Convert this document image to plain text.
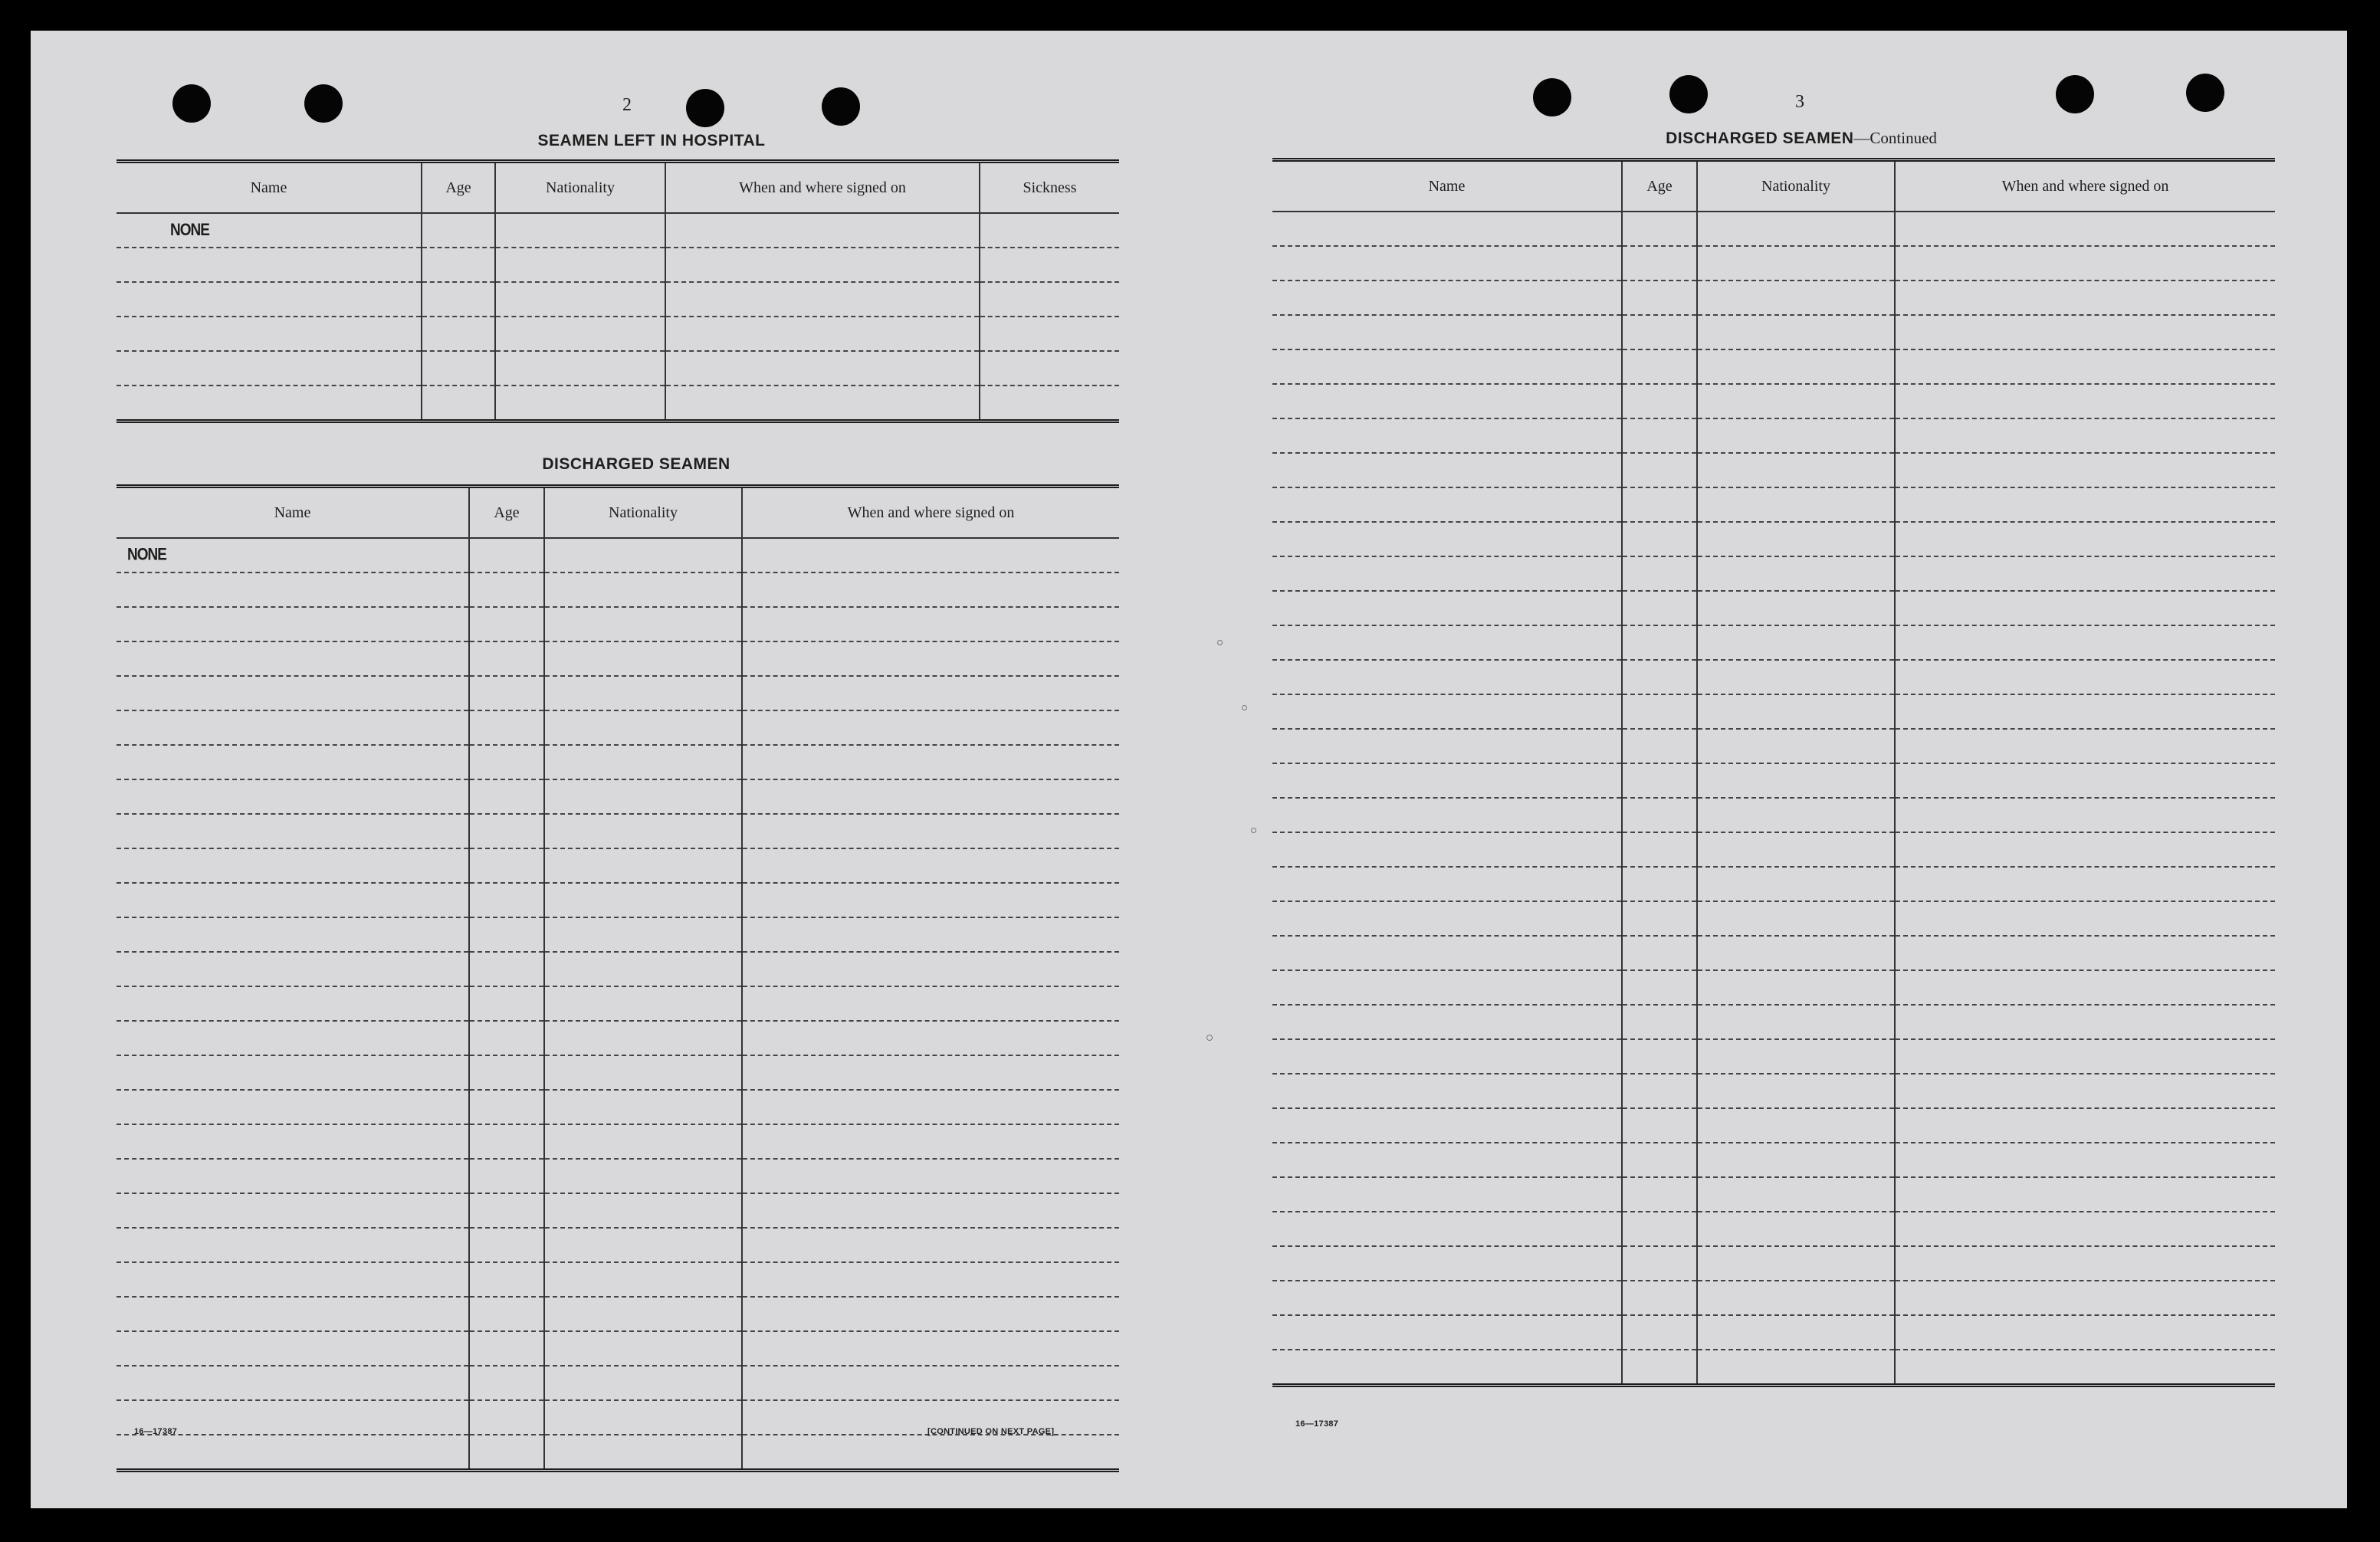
2
SEAMEN LEFT IN HOSPITAL
Name	Age	Nationality	When and where signed on	Sickness
NONE				

DISCHARGED SEAMEN
Name	Age	Nationality	When and where signed on
NONE			

16—17387	[CONTINUED ON NEXT PAGE]
3
DISCHARGED SEAMEN—Continued
Name	Age	Nationality	When and where signed on

16—17387
